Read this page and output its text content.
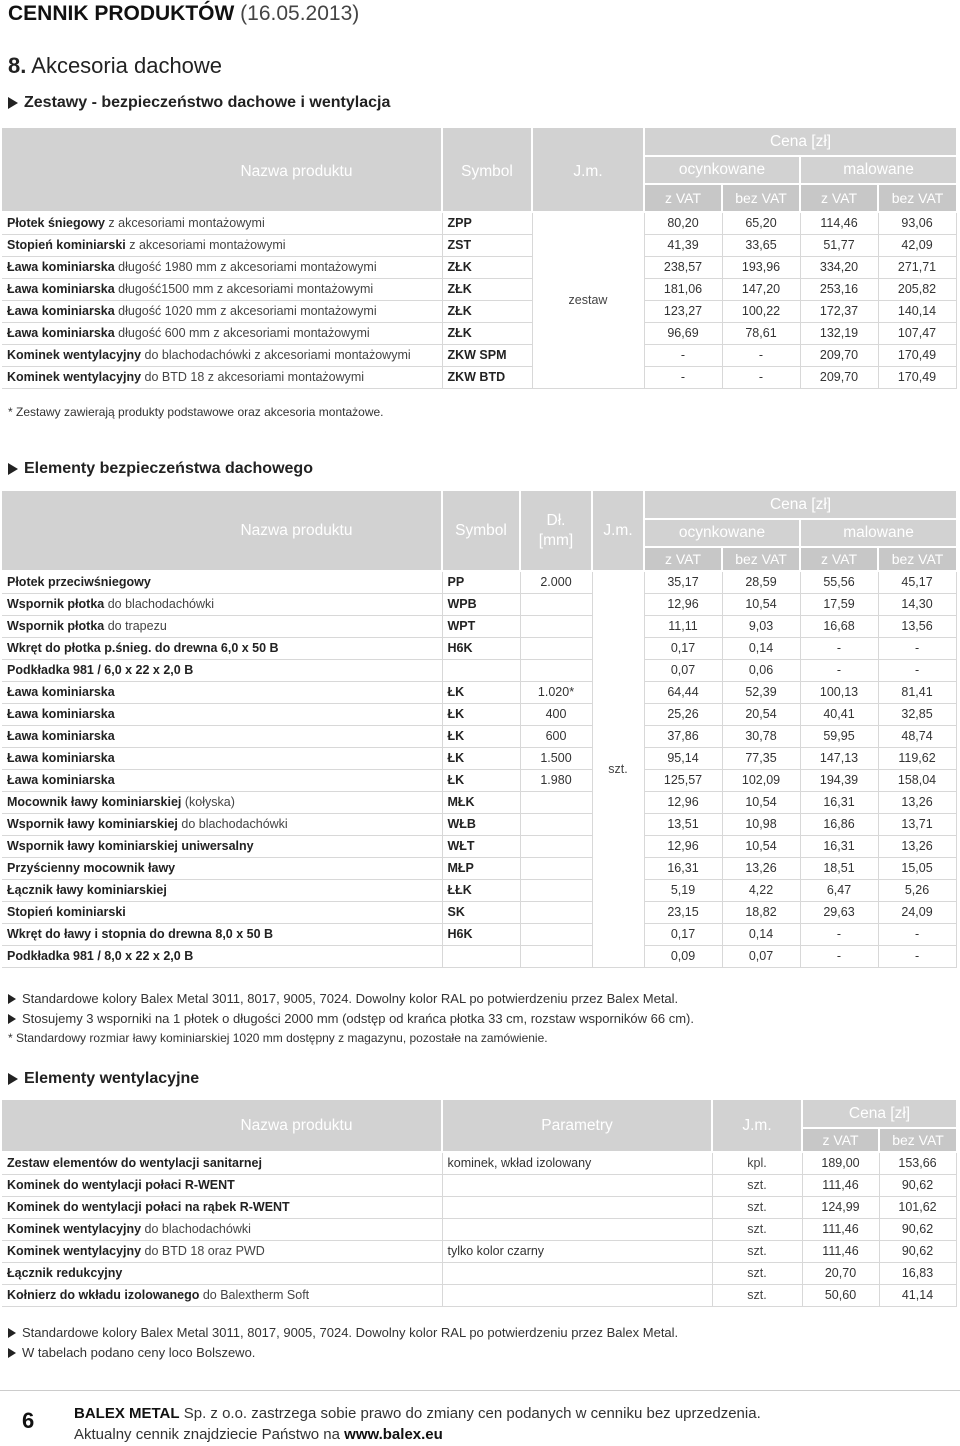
CENNIK PRODUKTÓW (16.05.2013)
8. Akcesoria dachowe
Zestawy - bezpieczeństwo dachowe i wentylacja
Nazwa produktu	Symbol	J.m.	Cena [zł]			
			ocynkowane		malowane	
			z VAT	bez VAT	z VAT	bez VAT
Płotek śniegowy z akcesoriami montażowymi	ZPP	zestaw	80,20	65,20	114,46	93,06
Stopień kominiarski z akcesoriami montażowymi	ZST		41,39	33,65	51,77	42,09
Ława kominiarska długość 1980 mm z akcesoriami montażowymi	ZŁK		238,57	193,96	334,20	271,71
Ława kominiarska długość1500 mm z akcesoriami montażowymi	ZŁK		181,06	147,20	253,16	205,82
Ława kominiarska długość 1020 mm z akcesoriami montażowymi	ZŁK		123,27	100,22	172,37	140,14
Ława kominiarska długość 600 mm z akcesoriami montażowymi	ZŁK		96,69	78,61	132,19	107,47
Kominek wentylacyjny do blachodachówki z akcesoriami montażowymi	ZKW SPM		-	-	209,70	170,49
Kominek wentylacyjny do BTD 18 z akcesoriami montażowymi	ZKW BTD		-	-	209,70	170,49
* Zestawy zawierają produkty podstawowe oraz akcesoria montażowe.
Elementy bezpieczeństwa dachowego
Nazwa produktu	Symbol	Dł.
[mm]	J.m.	Cena [zł]			
				ocynkowane		malowane	
				z VAT	bez VAT	z VAT	bez VAT
Płotek przeciwśniegowy	PP	2.000	szt.	35,17	28,59	55,56	45,17
Wspornik płotka do blachodachówki	WPB			12,96	10,54	17,59	14,30
Wspornik płotka do trapezu	WPT			11,11	9,03	16,68	13,56
Wkręt do płotka p.śnieg. do drewna 6,0 x 50 B	H6K			0,17	0,14	-	-
Podkładka 981 / 6,0 x 22 x 2,0 B				0,07	0,06	-	-
Ława kominiarska	ŁK	1.020*		64,44	52,39	100,13	81,41
Ława kominiarska	ŁK	400		25,26	20,54	40,41	32,85
Ława kominiarska	ŁK	600		37,86	30,78	59,95	48,74
Ława kominiarska	ŁK	1.500		95,14	77,35	147,13	119,62
Ława kominiarska	ŁK	1.980		125,57	102,09	194,39	158,04
Mocownik ławy kominiarskiej (kołyska)	MŁK			12,96	10,54	16,31	13,26
Wspornik ławy kominiarskiej do blachodachówki	WŁB			13,51	10,98	16,86	13,71
Wspornik ławy kominiarskiej uniwersalny	WŁT			12,96	10,54	16,31	13,26
Przyścienny mocownik ławy	MŁP			16,31	13,26	18,51	15,05
Łącznik ławy kominiarskiej	ŁŁK			5,19	4,22	6,47	5,26
Stopień kominiarski	SK			23,15	18,82	29,63	24,09
Wkręt do ławy i stopnia do drewna 8,0 x 50 B	H6K			0,17	0,14	-	-
Podkładka 981 / 8,0 x 22 x 2,0 B				0,09	0,07	-	-
Standardowe kolory Balex Metal 3011, 8017, 9005, 7024. Dowolny kolor RAL po potwierdzeniu przez Balex Metal.
Stosujemy 3 wsporniki na 1 płotek o długości 2000 mm (odstęp od krańca płotka 33 cm, rozstaw wsporników 66 cm).
* Standardowy rozmiar ławy kominiarskiej 1020 mm dostępny z magazynu, pozostałe na zamówienie.
Elementy wentylacyjne
Nazwa produktu	Parametry	J.m.	Cena [zł]	
			z VAT	bez VAT
Zestaw elementów do wentylacji sanitarnej	kominek, wkład izolowany	kpl.	189,00	153,66
Kominek do wentylacji połaci R-WENT		szt.	111,46	90,62
Kominek do wentylacji połaci na rąbek R-WENT		szt.	124,99	101,62
Kominek wentylacyjny do blachodachówki		szt.	111,46	90,62
Kominek wentylacyjny do BTD 18 oraz PWD	tylko kolor czarny	szt.	111,46	90,62
Łącznik redukcyjny		szt.	20,70	16,83
Kołnierz do wkładu izolowanego do Balextherm Soft		szt.	50,60	41,14
Standardowe kolory Balex Metal 3011, 8017, 9005, 7024. Dowolny kolor RAL po potwierdzeniu przez Balex Metal.
W tabelach podano ceny loco Bolszewo.
6	BALEX METAL Sp. z o.o. zastrzega sobie prawo do zmiany cen podanych w cenniku bez uprzedzenia.
Aktualny cennik znajdziecie Państwo na www.balex.eu
